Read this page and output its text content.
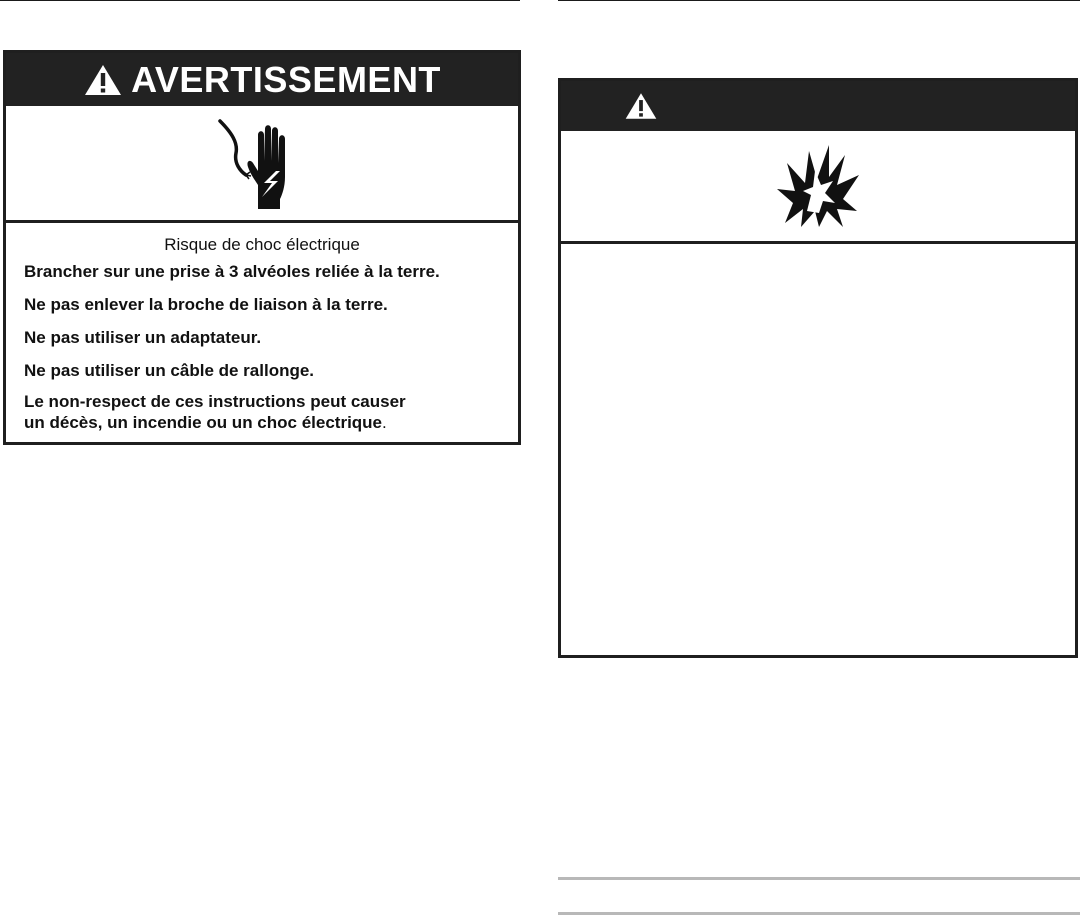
AVERTISSEMENT

Risque de choc électrique

Brancher sur une prise à 3 alvéoles reliée à la terre.

Ne pas enlever la broche de liaison à la terre.

Ne pas utiliser un adaptateur.

Ne pas utiliser un câble de rallonge.

Le non-respect de ces instructions peut causer

un décès, un incendie ou un choc électrique.
